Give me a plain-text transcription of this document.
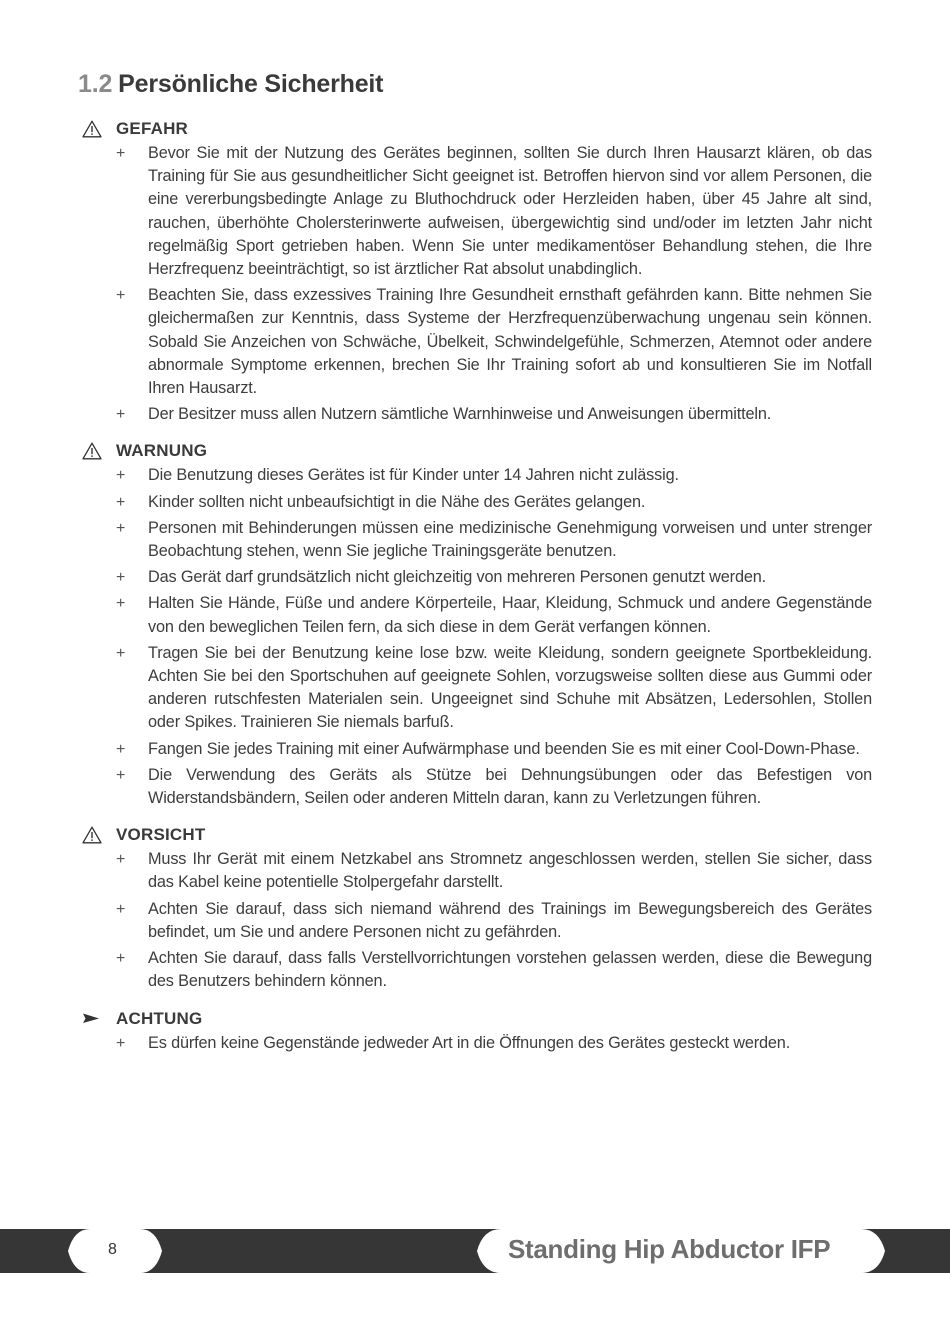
1.2 Persönliche Sicherheit
GEFAHR
+ Bevor Sie mit der Nutzung des Gerätes beginnen, sollten Sie durch Ihren Hausarzt klären, ob das Training für Sie aus gesundheitlicher Sicht geeignet ist. Betroffen hiervon sind vor allem Personen, die eine vererbungsbedingte Anlage zu Bluthochdruck oder Herzleiden haben, über 45 Jahre alt sind, rauchen, überhöhte Cholersterinwerte aufweisen, übergewichtig sind und/oder im letzten Jahr nicht regelmäßig Sport getrieben haben. Wenn Sie unter medikamentöser Behandlung stehen, die Ihre Herzfrequenz beeinträchtigt, so ist ärztlicher Rat absolut unabdinglich.
+ Beachten Sie, dass exzessives Training Ihre Gesundheit ernsthaft gefährden kann. Bitte nehmen Sie gleichermaßen zur Kenntnis, dass Systeme der Herzfrequenzüberwachung ungenau sein können. Sobald Sie Anzeichen von Schwäche, Übelkeit, Schwindelgefühle, Schmerzen, Atemnot oder andere abnormale Symptome erkennen, brechen Sie Ihr Training sofort ab und konsultieren Sie im Notfall Ihren Hausarzt.
+ Der Besitzer muss allen Nutzern sämtliche Warnhinweise und Anweisungen übermitteln.
WARNUNG
+ Die Benutzung dieses Gerätes ist für Kinder unter 14 Jahren nicht zulässig.
+ Kinder sollten nicht unbeaufsichtigt in die Nähe des Gerätes gelangen.
+ Personen mit Behinderungen müssen eine medizinische Genehmigung vorweisen und unter strenger Beobachtung stehen, wenn Sie jegliche Trainingsgeräte benutzen.
+ Das Gerät darf grundsätzlich nicht gleichzeitig von mehreren Personen genutzt werden.
+ Halten Sie Hände, Füße und andere Körperteile, Haar, Kleidung, Schmuck und andere Gegenstände von den beweglichen Teilen fern, da sich diese in dem Gerät verfangen können.
+ Tragen Sie bei der Benutzung keine lose bzw. weite Kleidung, sondern geeignete Sportbekleidung. Achten Sie bei den Sportschuhen auf geeignete Sohlen, vorzugsweise sollten diese aus Gummi oder anderen rutschfesten Materialen sein. Ungeeignet sind Schuhe mit Absätzen, Ledersohlen, Stollen oder Spikes. Trainieren Sie niemals barfuß.
+ Fangen Sie jedes Training mit einer Aufwärmphase und beenden Sie es mit einer Cool-Down-Phase.
+ Die Verwendung des Geräts als Stütze bei Dehnungsübungen oder das Befestigen von Widerstandsbändern, Seilen oder anderen Mitteln daran, kann zu Verletzungen führen.
VORSICHT
+ Muss Ihr Gerät mit einem Netzkabel ans Stromnetz angeschlossen werden, stellen Sie sicher, dass das Kabel keine potentielle Stolpergefahr darstellt.
+ Achten Sie darauf, dass sich niemand während des Trainings im Bewegungsbereich des Gerätes befindet, um Sie und andere Personen nicht zu gefährden.
+ Achten Sie darauf, dass falls Verstellvorrichtungen vorstehen gelassen werden, diese die Bewegung des Benutzers behindern können.
ACHTUNG
+ Es dürfen keine Gegenstände jedweder Art in die Öffnungen des Gerätes gesteckt werden.
8	Standing Hip Abductor IFP
